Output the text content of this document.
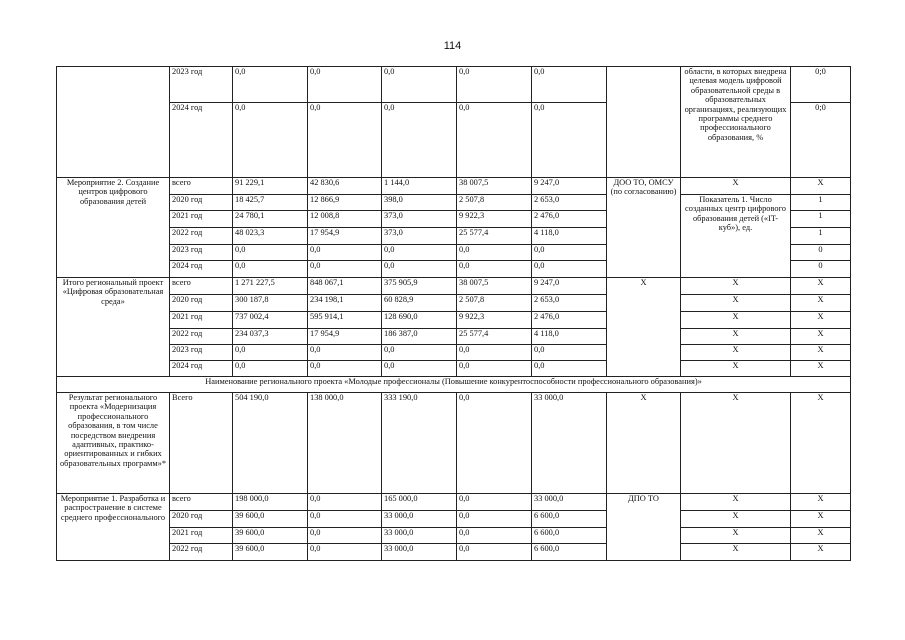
114
	2023 год	0,0	0,0	0,0	0,0	0,0		области, в которых внедрена целевая модель цифровой образовательной среды в образовательных организациях, реализующих программы среднего профессионального образования, %	0;0
	2024 год	0,0	0,0	0,0	0,0	0,0			0;0
Мероприятие 2. Создание центров цифрового образования детей	всего	91 229,1	42 830,6	1 144,0	38 007,5	9 247,0	ДОО ТО, ОМСУ (по согласованию)	Х	Х
	2020 год	18 425,7	12 866,9	398,0	2 507,8	2 653,0		Показатель 1. Число созданных центр цифрового образования детей («IT-куб»), ед.	1
	2021 год	24 780,1	12 008,8	373,0	9 922,3	2 476,0			1
	2022 год	48 023,3	17 954,9	373,0	25 577,4	4 118,0			1
	2023 год	0,0	0,0	0,0	0,0	0,0			0
	2024 год	0,0	0,0	0,0	0,0	0,0			0
Итого региональный проект «Цифровая образовательная среда»	всего	1 271 227,5	848 067,1	375 905,9	38 007,5	9 247,0	Х	Х	Х
	2020 год	300 187,8	234 198,1	60 828,9	2 507,8	2 653,0		Х	Х
	2021 год	737 002,4	595 914,1	128 690,0	9 922,3	2 476,0		Х	Х
	2022 год	234 037,3	17 954,9	186 387,0	25 577,4	4 118,0		Х	Х
	2023 год	0,0	0,0	0,0	0,0	0,0		Х	Х
	2024 год	0,0	0,0	0,0	0,0	0,0		Х	Х
Наименование регионального проекта «Молодые профессионалы (Повышение конкурентоспособности профессионального образования)»									
Результат регионального проекта «Модернизация профессионального образования, в том числе посредством внедрения адаптивных, практико-ориентированных и гибких образовательных программ»*	Всего	504 190,0	138 000,0	333 190,0	0,0	33 000,0	Х	Х	Х
Мероприятие 1. Разработка и распространение в системе среднего профессионального	всего	198 000,0	0,0	165 000,0	0,0	33 000,0	ДПО ТО	Х	Х
	2020 год	39 600,0	0,0	33 000,0	0,0	6 600,0		Х	Х
	2021 год	39 600,0	0,0	33 000,0	0,0	6 600,0		Х	Х
	2022 год	39 600,0	0,0	33 000,0	0,0	6 600,0		Х	Х
